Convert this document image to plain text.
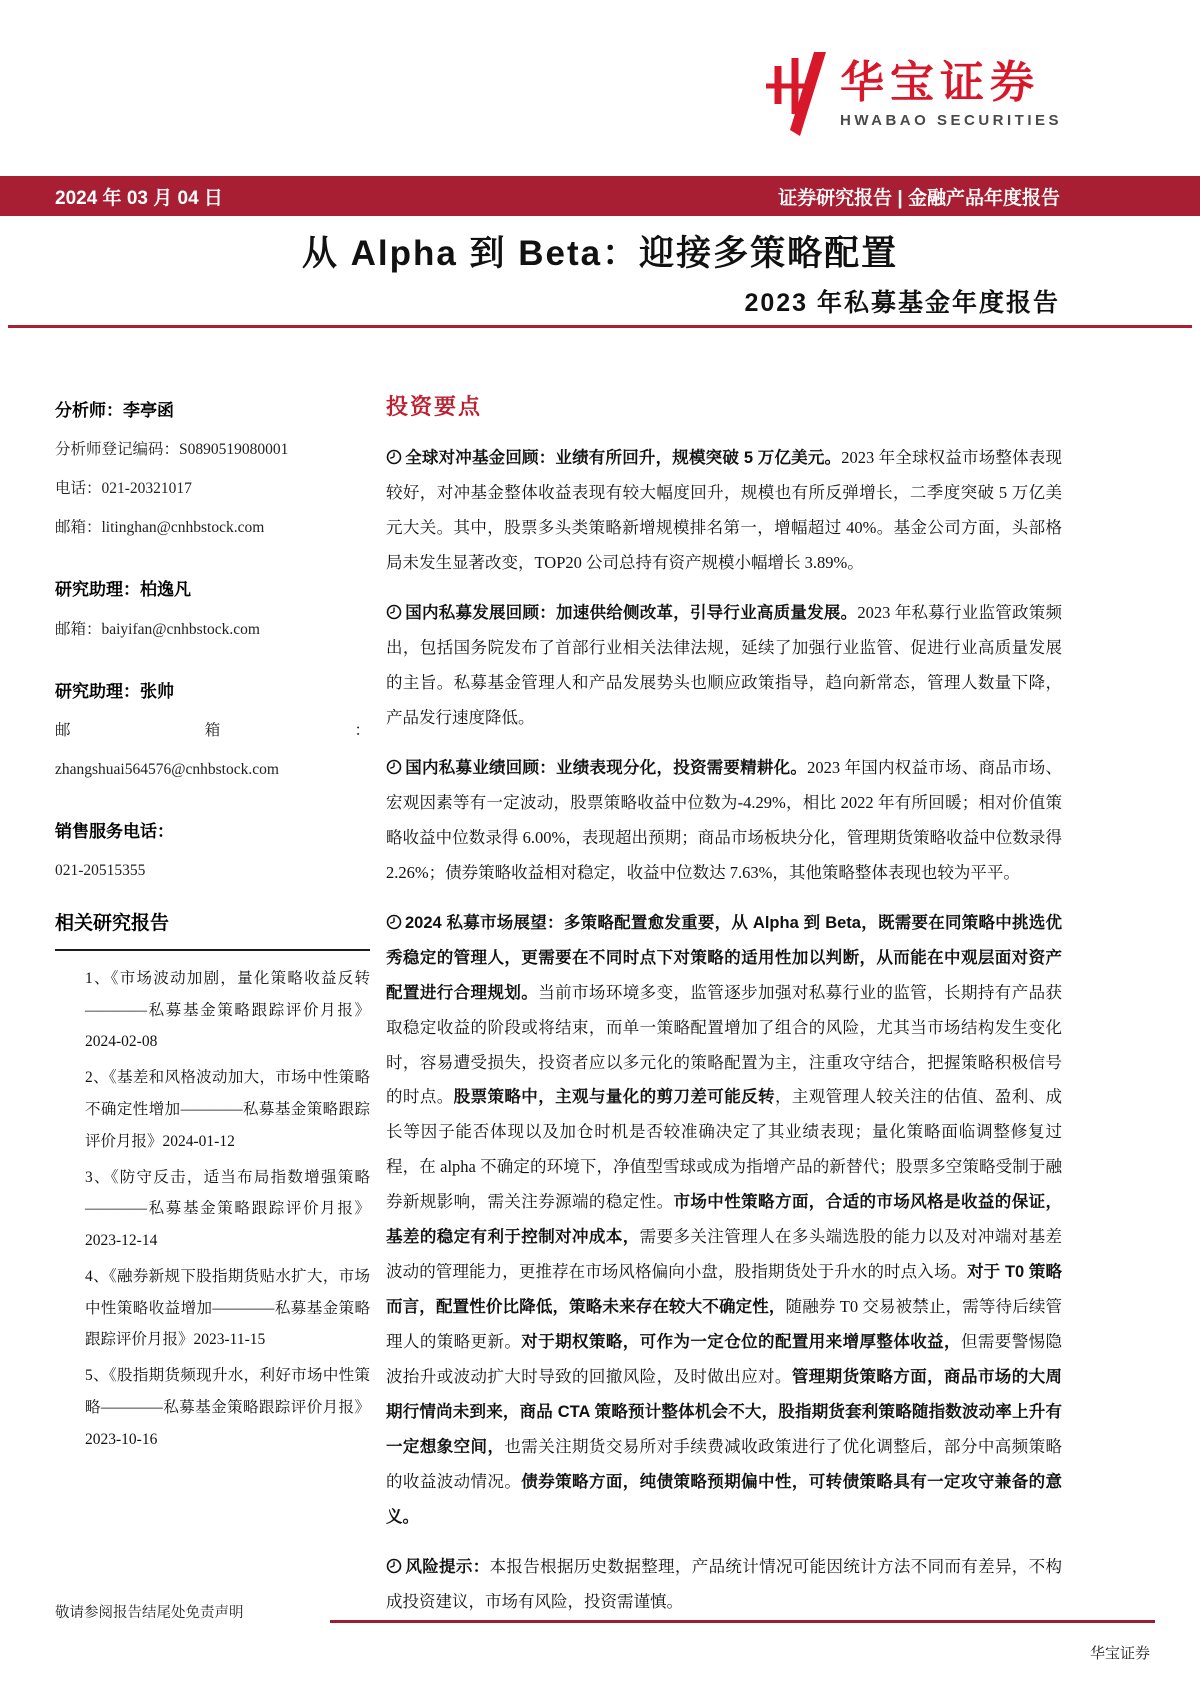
华宝证券
HWABAO SECURITIES
2024 年 03 月 04 日	证券研究报告 | 金融产品年度报告
从 Alpha 到 Beta：迎接多策略配置
2023 年私募基金年度报告
分析师：李亭函
分析师登记编码：S0890519080001
电话：021-20321017
邮箱：litinghan@cnhbstock.com
研究助理：柏逸凡
邮箱：baiyifan@cnhbstock.com
研究助理：张帅
邮箱：
zhangshuai564576@cnhbstock.com
销售服务电话：
021-20515355
相关研究报告
1、《市场波动加剧，量化策略收益反转————私募基金策略跟踪评价月报》2024-02-08
2、《基差和风格波动加大，市场中性策略不确定性增加————私募基金策略跟踪评价月报》2024-01-12
3、《防守反击，适当布局指数增强策略————私募基金策略跟踪评价月报》2023-12-14
4、《融券新规下股指期货贴水扩大，市场中性策略收益增加————私募基金策略跟踪评价月报》2023-11-15
5、《股指期货频现升水，利好市场中性策略————私募基金策略跟踪评价月报》2023-10-16
投资要点

全球对冲基金回顾：业绩有所回升，规模突破 5 万亿美元。2023 年全球权益市场整体表现较好，对冲基金整体收益表现有较大幅度回升，规模也有所反弹增长，二季度突破 5 万亿美元大关。其中，股票多头类策略新增规模排名第一，增幅超过 40%。基金公司方面，头部格局未发生显著改变，TOP20 公司总持有资产规模小幅增长 3.89%。

国内私募发展回顾：加速供给侧改革，引导行业高质量发展。2023 年私募行业监管政策频出，包括国务院发布了首部行业相关法律法规，延续了加强行业监管、促进行业高质量发展的主旨。私募基金管理人和产品发展势头也顺应政策指导，趋向新常态，管理人数量下降，产品发行速度降低。

国内私募业绩回顾：业绩表现分化，投资需要精耕化。2023 年国内权益市场、商品市场、宏观因素等有一定波动，股票策略收益中位数为-4.29%，相比 2022 年有所回暖；相对价值策略收益中位数录得 6.00%，表现超出预期；商品市场板块分化，管理期货策略收益中位数录得 2.26%；债券策略收益相对稳定，收益中位数达 7.63%，其他策略整体表现也较为平平。

2024 私募市场展望：多策略配置愈发重要，从 Alpha 到 Beta，既需要在同策略中挑选优秀稳定的管理人，更需要在不同时点下对策略的适用性加以判断，从而能在中观层面对资产配置进行合理规划。当前市场环境多变，监管逐步加强对私募行业的监管，长期持有产品获取稳定收益的阶段或将结束，而单一策略配置增加了组合的风险，尤其当市场结构发生变化时，容易遭受损失，投资者应以多元化的策略配置为主，注重攻守结合，把握策略积极信号的时点。股票策略中，主观与量化的剪刀差可能反转，主观管理人较关注的估值、盈利、成长等因子能否体现以及加仓时机是否较准确决定了其业绩表现；量化策略面临调整修复过程，在 alpha 不确定的环境下，净值型雪球或成为指增产品的新替代；股票多空策略受制于融券新规影响，需关注券源端的稳定性。市场中性策略方面，合适的市场风格是收益的保证，基差的稳定有利于控制对冲成本，需要多关注管理人在多头端选股的能力以及对冲端对基差波动的管理能力，更推荐在市场风格偏向小盘，股指期货处于升水的时点入场。对于 T0 策略而言，配置性价比降低，策略未来存在较大不确定性，随融券 T0 交易被禁止，需等待后续管理人的策略更新。对于期权策略，可作为一定仓位的配置用来增厚整体收益，但需要警惕隐波抬升或波动扩大时导致的回撤风险，及时做出应对。管理期货策略方面，商品市场的大周期行情尚未到来，商品 CTA 策略预计整体机会不大，股指期货套利策略随指数波动率上升有一定想象空间，也需关注期货交易所对手续费减收政策进行了优化调整后，部分中高频策略的收益波动情况。债券策略方面，纯债策略预期偏中性，可转债策略具有一定攻守兼备的意义。

风险提示：本报告根据历史数据整理，产品统计情况可能因统计方法不同而有差异，不构成投资建议，市场有风险，投资需谨慎。

敬请参阅报告结尾处免责声明
华宝证券
